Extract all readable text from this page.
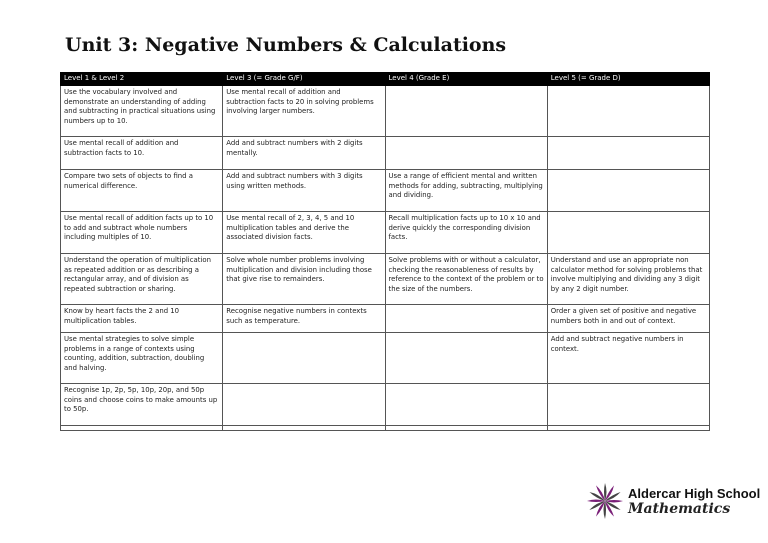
Unit 3: Negative Numbers & Calculations
Level 1 & Level 2	Level 3 (= Grade G/F)	Level 4 (Grade E)	Level 5 (= Grade D)
Use the vocabulary involved and demonstrate an understanding of adding and subtracting in practical situations using numbers up to 10.	Use mental recall of addition and subtraction facts to 20 in solving problems involving larger numbers.		
Use mental recall of addition and subtraction facts to 10.	Add and subtract numbers with 2 digits mentally.		
Compare two sets of objects to find a numerical difference.	Add and subtract numbers with 3 digits using written methods.	Use a range of efficient mental and written methods for adding, subtracting, multiplying and dividing.	
Use mental recall of addition facts up to 10 to add and subtract whole numbers including multiples of 10.	Use mental recall of 2, 3, 4, 5 and 10 multiplication tables and derive the associated division facts.	Recall multiplication facts up to 10 x 10 and derive quickly the corresponding division facts.	
Understand the operation of multiplication as repeated addition or as describing a rectangular array, and of division as repeated subtraction or sharing.	Solve whole number problems involving multiplication and division including those that give rise to remainders.	Solve problems with or without a calculator, checking the reasonableness of results by reference to the context of the problem or to the size of the numbers.	Understand and use an appropriate non calculator method for solving problems that involve multiplying and dividing any 3 digit by any 2 digit number.
Know by heart facts the 2 and 10 multiplication tables.	Recognise negative numbers in contexts such as temperature.		Order a given set of positive and negative numbers both in and out of context.
Use mental strategies to solve simple problems in a range of contexts using counting, addition, subtraction, doubling and halving.			Add and subtract negative numbers in context.
Recognise 1p, 2p, 5p, 10p, 20p, and 50p coins and choose coins to make amounts up to 50p.			

Aldercar High School
Mathematics
